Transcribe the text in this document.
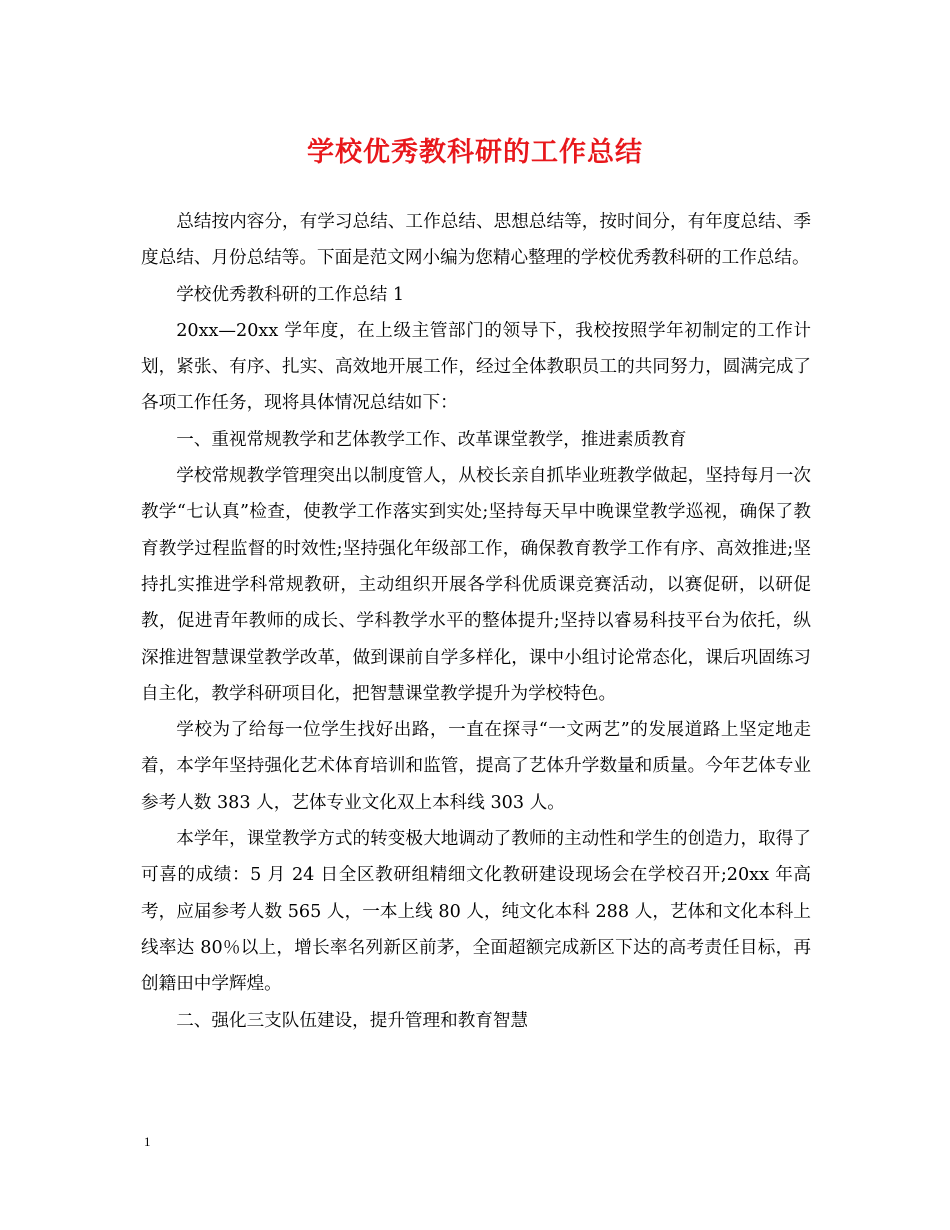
学校优秀教科研的工作总结

总结按内容分，有学习总结、工作总结、思想总结等，按时间分，有年度总结、季度总结、月份总结等。下面是范文网小编为您精心整理的学校优秀教科研的工作总结。

学校优秀教科研的工作总结 1

20xx—20xx 学年度，在上级主管部门的领导下，我校按照学年初制定的工作计划，紧张、有序、扎实、高效地开展工作，经过全体教职员工的共同努力，圆满完成了各项工作任务，现将具体情况总结如下：

一、重视常规教学和艺体教学工作、改革课堂教学，推进素质教育

学校常规教学管理突出以制度管人，从校长亲自抓毕业班教学做起，坚持每月一次教学“七认真”检查，使教学工作落实到实处;坚持每天早中晚课堂教学巡视，确保了教育教学过程监督的时效性;坚持强化年级部工作，确保教育教学工作有序、高效推进;坚持扎实推进学科常规教研，主动组织开展各学科优质课竞赛活动，以赛促研，以研促教，促进青年教师的成长、学科教学水平的整体提升;坚持以睿易科技平台为依托，纵深推进智慧课堂教学改革，做到课前自学多样化，课中小组讨论常态化，课后巩固练习自主化，教学科研项目化，把智慧课堂教学提升为学校特色。

学校为了给每一位学生找好出路，一直在探寻“一文两艺”的发展道路上坚定地走着，本学年坚持强化艺术体育培训和监管，提高了艺体升学数量和质量。今年艺体专业参考人数 383 人，艺体专业文化双上本科线 303 人。

本学年，课堂教学方式的转变极大地调动了教师的主动性和学生的创造力，取得了可喜的成绩：5 月 24 日全区教研组精细文化教研建设现场会在学校召开;20xx 年高考，应届参考人数 565 人，一本上线 80 人，纯文化本科 288 人，艺体和文化本科上线率达 80％以上，增长率名列新区前茅，全面超额完成新区下达的高考责任目标，再创籍田中学辉煌。

二、强化三支队伍建设，提升管理和教育智慧

1
